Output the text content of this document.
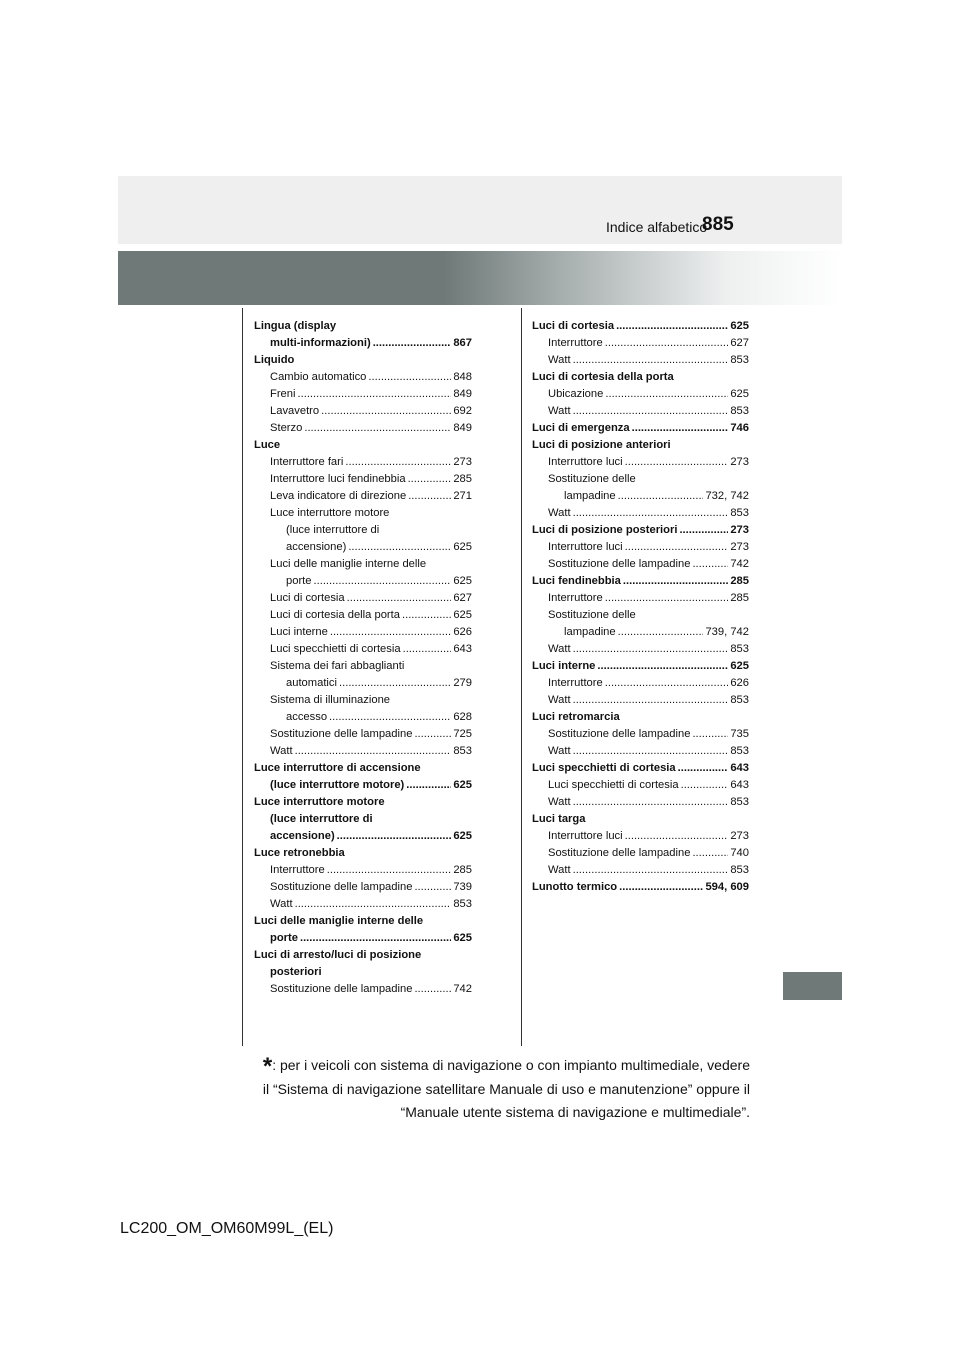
Indice alfabetico
885
Lingua (display
multi-informazioni) .....	867
Liquido
Cambio automatico .....	848
Freni .....	849
Lavavetro .....	692
Sterzo .....	849
Luce
Interruttore fari .....	273
Interruttore luci fendinebbia .....	285
Leva indicatore di direzione .....	271
Luce interruttore motore
(luce interruttore di
accensione) .....	625
Luci delle maniglie interne delle
porte .....	625
Luci di cortesia .....	627
Luci di cortesia della porta .....	625
Luci interne .....	626
Luci specchietti di cortesia .....	643
Sistema dei fari abbaglianti
automatici .....	279
Sistema di illuminazione
accesso .....	628
Sostituzione delle lampadine .....	725
Watt .....	853
Luce interruttore di accensione
(luce interruttore motore) .....	625
Luce interruttore motore
(luce interruttore di
accensione) .....	625
Luce retronebbia
Interruttore .....	285
Sostituzione delle lampadine .....	739
Watt .....	853
Luci delle maniglie interne delle
porte .....	625
Luci di arresto/luci di posizione
posteriori
Sostituzione delle lampadine .....	742
Luci di cortesia .....	625
Interruttore .....	627
Watt .....	853
Luci di cortesia della porta
Ubicazione .....	625
Watt .....	853
Luci di emergenza .....	746
Luci di posizione anteriori
Interruttore luci .....	273
Sostituzione delle
lampadine .....	732, 742
Watt .....	853
Luci di posizione posteriori .....	273
Interruttore luci .....	273
Sostituzione delle lampadine .....	742
Luci fendinebbia .....	285
Interruttore .....	285
Sostituzione delle
lampadine .....	739, 742
Watt .....	853
Luci interne .....	625
Interruttore .....	626
Watt .....	853
Luci retromarcia
Sostituzione delle lampadine .....	735
Watt .....	853
Luci specchietti di cortesia .....	643
Luci specchietti di cortesia .....	643
Watt .....	853
Luci targa
Interruttore luci .....	273
Sostituzione delle lampadine .....	740
Watt .....	853
Lunotto termico .....	594, 609
*: per i veicoli con sistema di navigazione o con impianto multimediale, vedere il “Sistema di navigazione satellitare Manuale di uso e manutenzione” oppure il “Manuale utente sistema di navigazione e multimediale”.
LC200_OM_OM60M99L_(EL)
